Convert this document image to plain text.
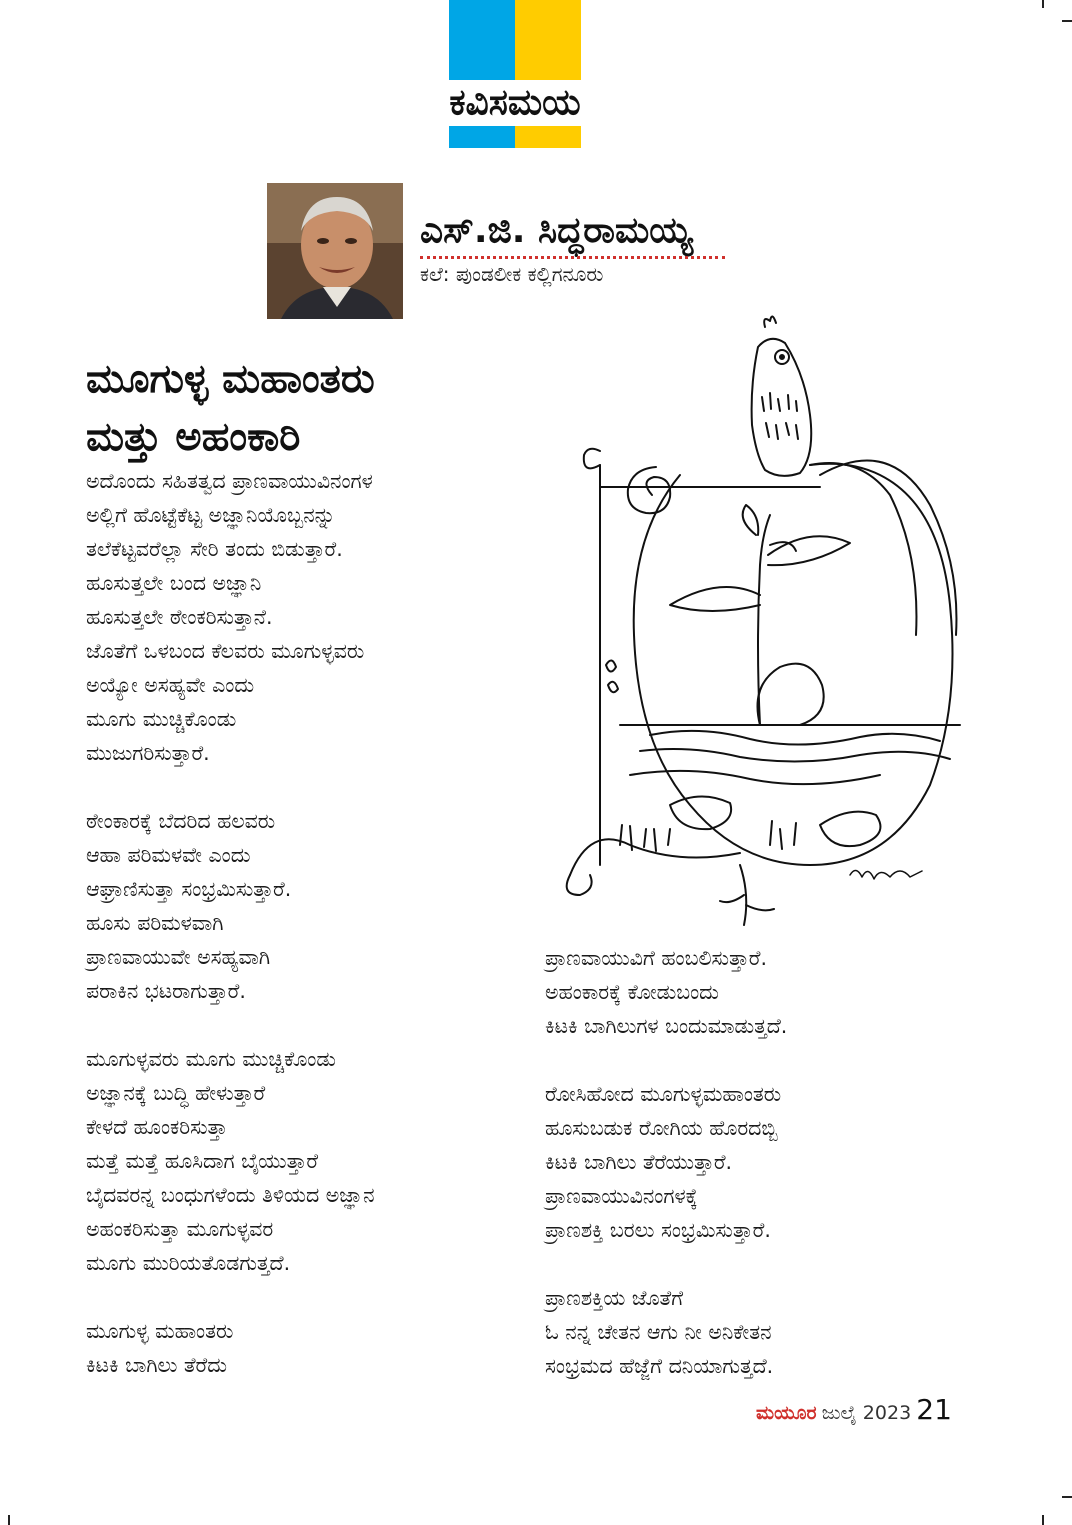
ಕವಿಸಮಯ
ಎಸ್.ಜಿ. ಸಿದ್ಧರಾಮಯ್ಯ
ಕಲೆ: ಪುಂಡಲೀಕ ಕಲ್ಲಿಗನೂರು
ಮೂಗುಳ್ಳ ಮಹಾಂತರು
ಮತ್ತು ಅಹಂಕಾರಿ
ಅದೊಂದು ಸಹಿತತ್ವದ ಪ್ರಾಣವಾಯುವಿನಂಗಳ
ಅಲ್ಲಿಗೆ ಹೊಟ್ಟೆಕೆಟ್ಟ ಅಜ್ಞಾನಿಯೊಬ್ಬನನ್ನು
ತಲೆಕೆಟ್ಟವರೆಲ್ಲಾ ಸೇರಿ ತಂದು ಬಿಡುತ್ತಾರೆ.
ಹೂಸುತ್ತಲೇ ಬಂದ ಅಜ್ಞಾನಿ
ಹೂಸುತ್ತಲೇ ಠೇಂಕರಿಸುತ್ತಾನೆ.
ಜೊತೆಗೆ ಒಳಬಂದ ಕೆಲವರು ಮೂಗುಳ್ಳವರು
ಅಯ್ಯೋ ಅಸಹ್ಯವೇ ಎಂದು
ಮೂಗು ಮುಚ್ಚಿಕೊಂಡು
ಮುಜುಗರಿಸುತ್ತಾರೆ.
ಠೇಂಕಾರಕ್ಕೆ ಬೆದರಿದ ಹಲವರು
ಆಹಾ ಪರಿಮಳವೇ ಎಂದು
ಆಘ್ರಾಣಿಸುತ್ತಾ ಸಂಭ್ರಮಿಸುತ್ತಾರೆ.
ಹೂಸು ಪರಿಮಳವಾಗಿ
ಪ್ರಾಣವಾಯುವೇ ಅಸಹ್ಯವಾಗಿ
ಪರಾಕಿನ ಭಟರಾಗುತ್ತಾರೆ.
ಮೂಗುಳ್ಳವರು ಮೂಗು ಮುಚ್ಚಿಕೊಂಡು
ಅಜ್ಞಾನಕ್ಕೆ ಬುದ್ಧಿ ಹೇಳುತ್ತಾರೆ
ಕೇಳದೆ ಹೂಂಕರಿಸುತ್ತಾ
ಮತ್ತೆ ಮತ್ತೆ ಹೂಸಿದಾಗ ಬೈಯುತ್ತಾರೆ
ಬೈದವರನ್ನ ಬಂಧುಗಳೆಂದು ತಿಳಿಯದ ಅಜ್ಞಾನ
ಅಹಂಕರಿಸುತ್ತಾ ಮೂಗುಳ್ಳವರ
ಮೂಗು ಮುರಿಯತೊಡಗುತ್ತದೆ.
ಮೂಗುಳ್ಳ ಮಹಾಂತರು
ಕಿಟಕಿ ಬಾಗಿಲು ತೆರೆದು
ಪ್ರಾಣವಾಯುವಿಗೆ ಹಂಬಲಿಸುತ್ತಾರೆ.
ಅಹಂಕಾರಕ್ಕೆ ಕೋಡುಬಂದು
ಕಿಟಕಿ ಬಾಗಿಲುಗಳ ಬಂದುಮಾಡುತ್ತದೆ.
ರೋಸಿಹೋದ ಮೂಗುಳ್ಳಮಹಾಂತರು
ಹೂಸುಬಡುಕ ರೋಗಿಯ ಹೊರದಬ್ಬಿ
ಕಿಟಕಿ ಬಾಗಿಲು ತೆರೆಯುತ್ತಾರೆ.
ಪ್ರಾಣವಾಯುವಿನಂಗಳಕ್ಕೆ
ಪ್ರಾಣಶಕ್ತಿ ಬರಲು ಸಂಭ್ರಮಿಸುತ್ತಾರೆ.
ಪ್ರಾಣಶಕ್ತಿಯ ಜೊತೆಗೆ
ಓ ನನ್ನ ಚೇತನ ಆಗು ನೀ ಅನಿಕೇತನ
ಸಂಭ್ರಮದ ಹೆಜ್ಜೆಗೆ ದನಿಯಾಗುತ್ತದೆ.
ಮಯೂರ ಜುಲೈ 2023 21
